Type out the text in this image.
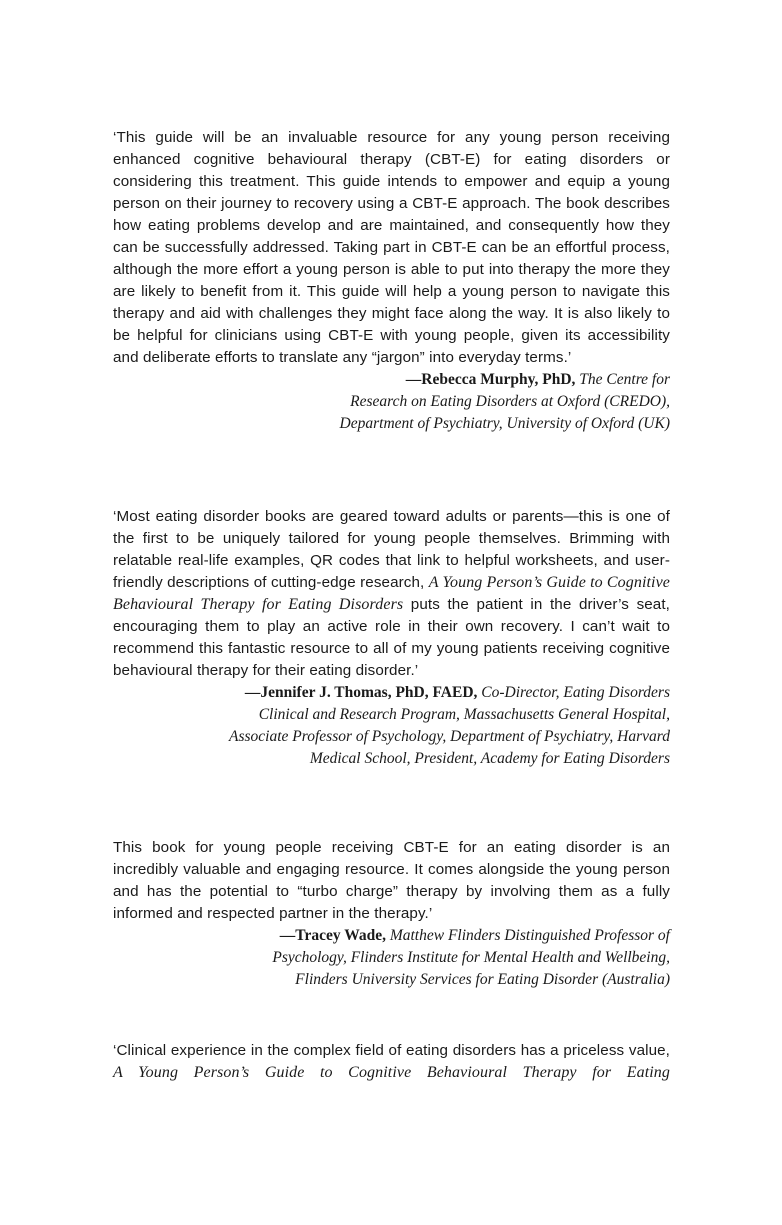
‘This guide will be an invaluable resource for any young person receiving enhanced cognitive behavioural therapy (CBT-E) for eating disorders or considering this treatment. This guide intends to empower and equip a young person on their journey to recovery using a CBT-E approach. The book describes how eating problems develop and are maintained, and consequently how they can be successfully addressed. Taking part in CBT-E can be an effortful process, although the more effort a young person is able to put into therapy the more they are likely to benefit from it. This guide will help a young person to navigate this therapy and aid with challenges they might face along the way. It is also likely to be helpful for clinicians using CBT-E with young people, given its accessibility and deliberate efforts to translate any “jargon” into everyday terms.’

—Rebecca Murphy, PhD, The Centre for
Research on Eating Disorders at Oxford (CREDO),
Department of Psychiatry, University of Oxford (UK)

‘Most eating disorder books are geared toward adults or parents—this is one of the first to be uniquely tailored for young people themselves. Brimming with relatable real-life examples, QR codes that link to helpful worksheets, and user-friendly descriptions of cutting-edge research, A Young Person’s Guide to Cognitive Behavioural Therapy for Eating Disorders puts the patient in the driver’s seat, encouraging them to play an active role in their own recovery. I can’t wait to recommend this fantastic resource to all of my young patients receiving cognitive behavioural therapy for their eating disorder.’

—Jennifer J. Thomas, PhD, FAED, Co-Director, Eating Disorders
Clinical and Research Program, Massachusetts General Hospital,
Associate Professor of Psychology, Department of Psychiatry, Harvard
Medical School, President, Academy for Eating Disorders

This book for young people receiving CBT-E for an eating disorder is an incredibly valuable and engaging resource. It comes alongside the young person and has the potential to “turbo charge” therapy by involving them as a fully informed and respected partner in the therapy.’

—Tracey Wade, Matthew Flinders Distinguished Professor of
Psychology, Flinders Institute for Mental Health and Wellbeing,
Flinders University Services for Eating Disorder (Australia)

‘Clinical experience in the complex field of eating disorders has a priceless value, A Young Person’s Guide to Cognitive Behavioural Therapy for Eating
